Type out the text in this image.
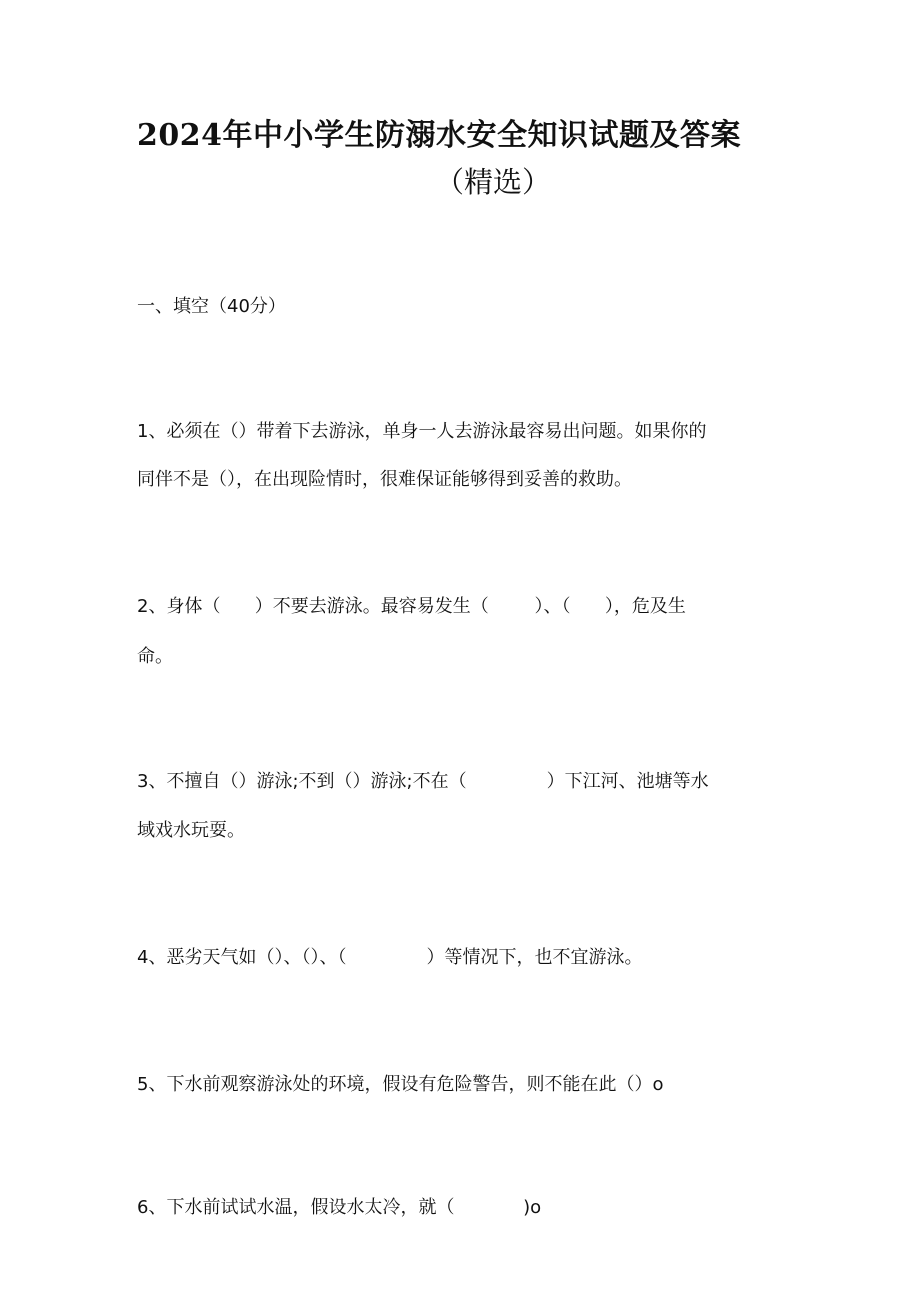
2024年中小学生防溺水安全知识试题及答案
（精选）
一、填空（40分）
1、必须在（）带着下去游泳，单身一人去游泳最容易出问题。如果你的
同伴不是（），在出现险情时，很难保证能够得到妥善的救助。
2、身体（      ）不要去游泳。最容易发生（        ）、（      ），危及生
命。
3、不擅自（）游泳;不到（）游泳;不在（              ）下江河、池塘等水
域戏水玩耍。
4、恶劣天气如（）、（）、（              ）等情况下，也不宜游泳。
5、下水前观察游泳处的环境，假设有危险警告，则不能在此（）o
6、下水前试试水温，假设水太冷，就（            )o
